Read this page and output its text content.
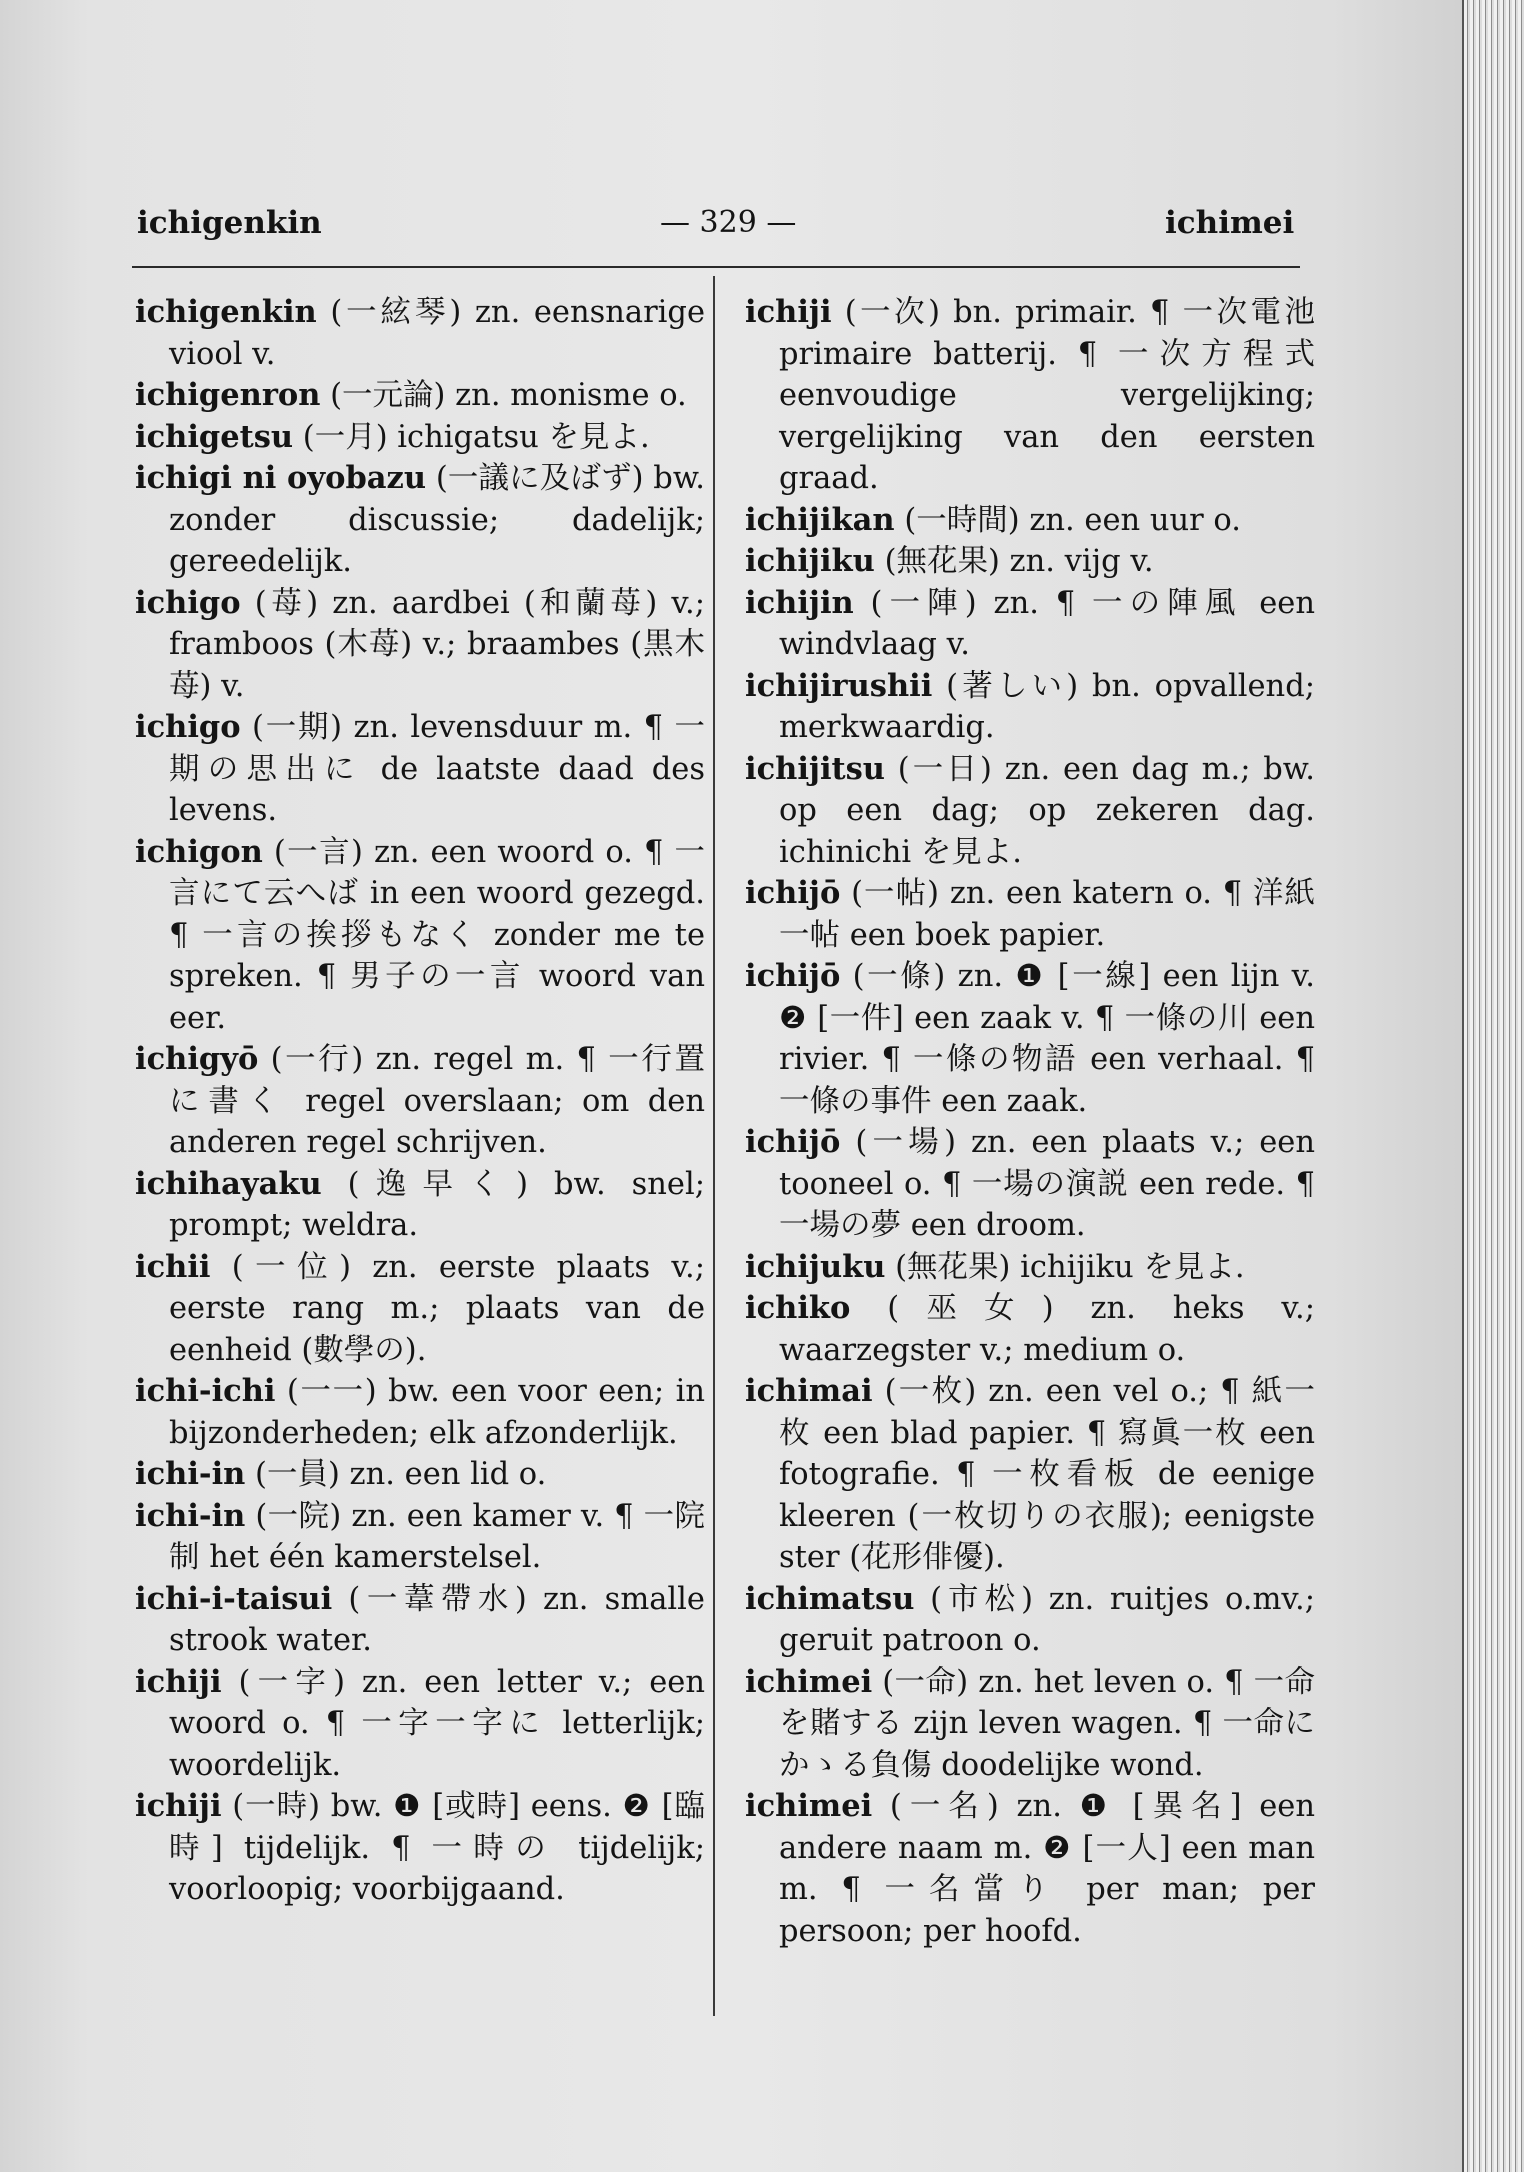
ichigenkin	— 329 —	ichimei

ichigenkin (一絃琴) zn. eensnarige viool v.

ichigenron (一元論) zn. monisme o.

ichigetsu (一月) ichigatsu を見よ.

ichigi ni oyobazu (一議に及ばず) bw. zonder discussie; dadelijk; gereedelijk.

ichigo (苺) zn. aardbei (和蘭苺) v.; framboos (木苺) v.; braambes (黒木苺) v.

ichigo (一期) zn. levensduur m. ¶ 一期の思出に de laatste daad des levens.

ichigon (一言) zn. een woord o. ¶ 一言にて云へば in een woord gezegd. ¶ 一言の挨拶もなく zonder me te spreken. ¶ 男子の一言 woord van eer.

ichigyō (一行) zn. regel m. ¶ 一行置に書く regel overslaan; om den anderen regel schrijven.

ichihayaku (逸早く) bw. snel; prompt; weldra.

ichii (一位) zn. eerste plaats v.; eerste rang m.; plaats van de eenheid (數學の).

ichi-ichi (一一) bw. een voor een; in bijzonderheden; elk afzonderlijk.

ichi-in (一員) zn. een lid o.

ichi-in (一院) zn. een kamer v. ¶ 一院制 het één kamerstelsel.

ichi-i-taisui (一葦帶水) zn. smalle strook water.

ichiji (一字) zn. een letter v.; een woord o. ¶ 一字一字に letterlijk; woordelijk.

ichiji (一時) bw. ❶ [或時] eens. ❷ [臨時] tijdelijk. ¶ 一時の tijdelijk; voorloopig; voorbijgaand.

ichiji (一次) bn. primair. ¶ 一次電池 primaire batterij. ¶ 一次方程式 eenvoudige vergelijking; vergelijking van den eersten graad.

ichijikan (一時間) zn. een uur o.

ichijiku (無花果) zn. vijg v.

ichijin (一陣) zn. ¶ 一の陣風 een windvlaag v.

ichijirushii (著しい) bn. opvallend; merkwaardig.

ichijitsu (一日) zn. een dag m.; bw. op een dag; op zekeren dag. ichinichi を見よ.

ichijō (一帖) zn. een katern o. ¶ 洋紙一帖 een boek papier.

ichijō (一條) zn. ❶ [一線] een lijn v. ❷ [一件] een zaak v. ¶ 一條の川 een rivier. ¶ 一條の物語 een verhaal. ¶ 一條の事件 een zaak.

ichijō (一場) zn. een plaats v.; een tooneel o. ¶ 一場の演説 een rede. ¶ 一場の夢 een droom.

ichijuku (無花果) ichijiku を見よ.

ichiko (巫女) zn. heks v.; waarzegster v.; medium o.

ichimai (一枚) zn. een vel o.; ¶ 紙一枚 een blad papier. ¶ 寫眞一枚 een fotografie. ¶ 一枚看板 de eenige kleeren (一枚切りの衣服); eenigste ster (花形俳優).

ichimatsu (市松) zn. ruitjes o.mv.; geruit patroon o.

ichimei (一命) zn. het leven o. ¶ 一命を賭する zijn leven wagen. ¶ 一命にかゝる負傷 doodelijke wond.

ichimei (一名) zn. ❶ [異名] een andere naam m. ❷ [一人] een man m. ¶ 一名當り per man; per persoon; per hoofd.
